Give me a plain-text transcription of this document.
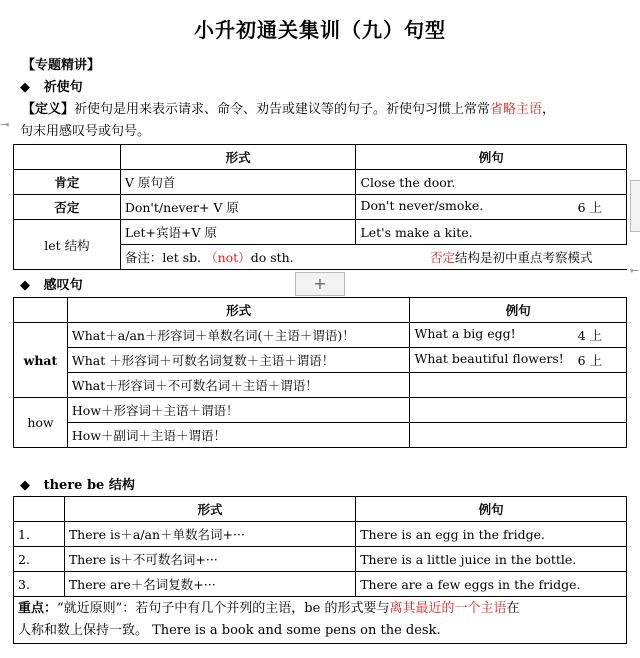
小升初通关集训（九）句型
【专题精讲】
◆ 祈使句
【定义】祈使句是用来表示请求、命令、劝告或建议等的句子。祈使句习惯上常常省略主语，
句末用感叹号或句号。
⇥
	形式	例句
肯定	V 原句首	Close the door.
否定	Don't/never+ V 原	Don't never/smoke. 6 上

let 结构	Let+宾语+V 原	Let's make a kite.
	备注：let sb. （not）do sth. 否定结构是初中重点考察模式	
◆ 感叹句	+
	形式	例句
what	What＋a/an＋形容词＋单数名词(＋主语＋谓语)！	What a big egg! 4 上

	What ＋形容词＋可数名词复数＋主语＋谓语！	What beautiful flowers! 6 上

	What＋形容词＋不可数名词＋主语＋谓语！	
how	How＋形容词＋主语＋谓语！	
	How＋副词＋主语＋谓语！	
◆ there be 结构
	形式	例句
1.	There is＋a/an＋单数名词+···	There is an egg in the fridge.
2.	There is＋不可数名词+···	There is a little juice in the bottle.
3.	There are＋名词复数+···	There are a few eggs in the fridge.
重点：“就近原则”：若句子中有几个并列的主语，be 的形式要与离其最近的一个主语在
人称和数上保持一致。 There is a book and some pens on the desk.		
⇤
